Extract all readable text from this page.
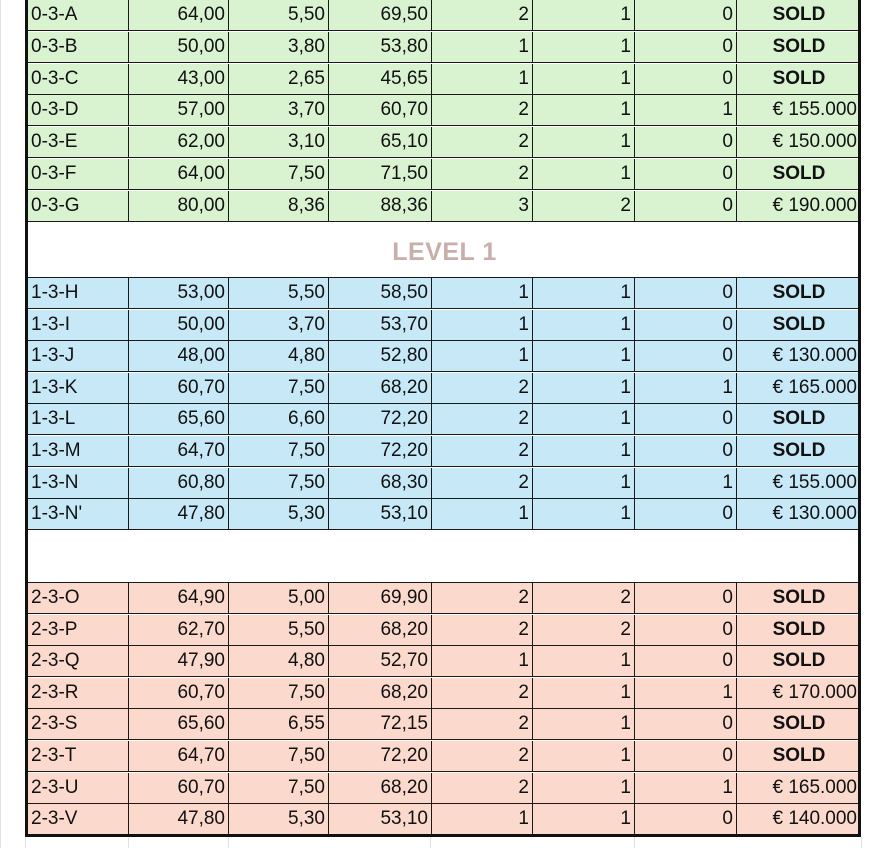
0-3-A	64,00	5,50	69,50	2	1	0	SOLD
0-3-B	50,00	3,80	53,80	1	1	0	SOLD
0-3-C	43,00	2,65	45,65	1	1	0	SOLD
0-3-D	57,00	3,70	60,70	2	1	1	€ 155.000
0-3-E	62,00	3,10	65,10	2	1	0	€ 150.000
0-3-F	64,00	7,50	71,50	2	1	0	SOLD
0-3-G	80,00	8,36	88,36	3	2	0	€ 190.000
1-3-H	53,00	5,50	58,50	1	1	0	SOLD
1-3-I	50,00	3,70	53,70	1	1	0	SOLD
1-3-J	48,00	4,80	52,80	1	1	0	€ 130.000
1-3-K	60,70	7,50	68,20	2	1	1	€ 165.000
1-3-L	65,60	6,60	72,20	2	1	0	SOLD
1-3-M	64,70	7,50	72,20	2	1	0	SOLD
1-3-N	60,80	7,50	68,30	2	1	1	€ 155.000
1-3-N'	47,80	5,30	53,10	1	1	0	€ 130.000
2-3-O	64,90	5,00	69,90	2	2	0	SOLD
2-3-P	62,70	5,50	68,20	2	2	0	SOLD
2-3-Q	47,90	4,80	52,70	1	1	0	SOLD
2-3-R	60,70	7,50	68,20	2	1	1	€ 170.000
2-3-S	65,60	6,55	72,15	2	1	0	SOLD
2-3-T	64,70	7,50	72,20	2	1	0	SOLD
2-3-U	60,70	7,50	68,20	2	1	1	€ 165.000
2-3-V	47,80	5,30	53,10	1	1	0	€ 140.000
LEVEL 1
